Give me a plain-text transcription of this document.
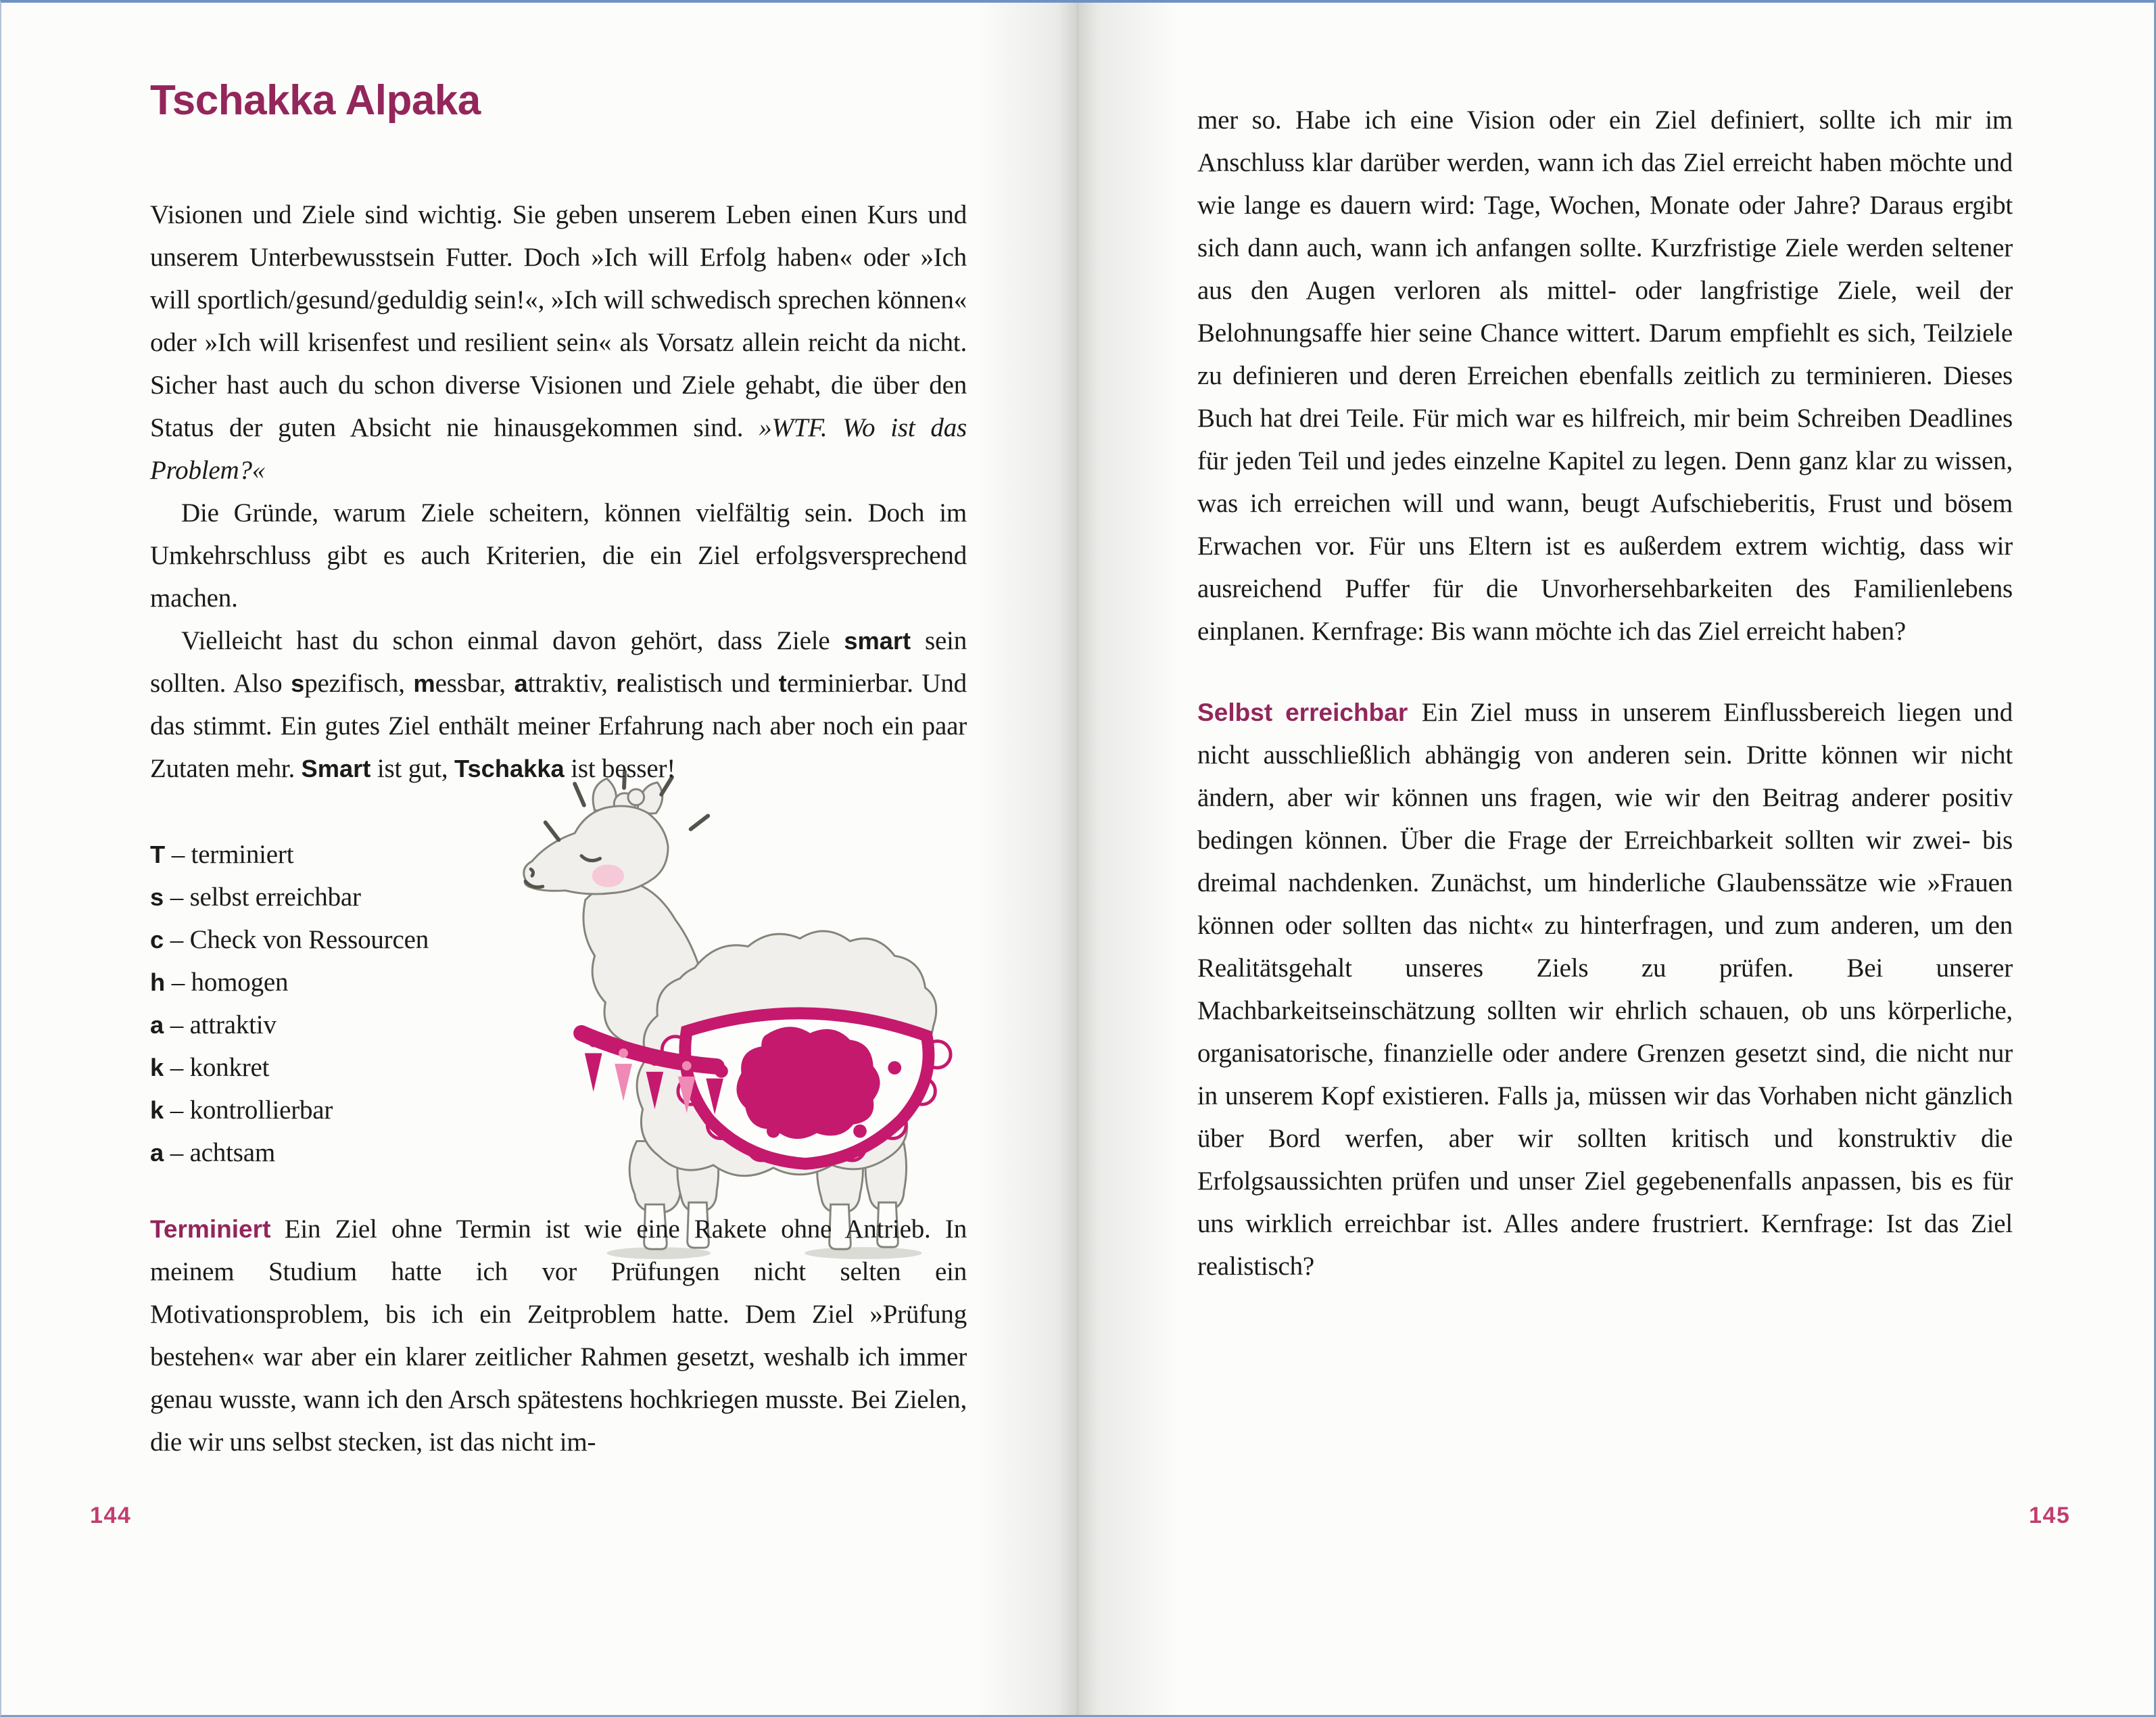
Tschakka Alpaka

Visionen und Ziele sind wichtig. Sie geben unserem Leben einen Kurs und unserem Unterbewusstsein Futter. Doch »Ich will Erfolg haben« oder »Ich will sportlich/gesund/geduldig sein!«, »Ich will schwedisch sprechen können« oder »Ich will krisenfest und resilient sein« als Vorsatz allein reicht da nicht. Sicher hast auch du schon diverse Visionen und Ziele gehabt, die über den Status der guten Absicht nie hinausgekommen sind. »WTF. Wo ist das Problem?«

Die Gründe, warum Ziele scheitern, können vielfältig sein. Doch im Umkehrschluss gibt es auch Kriterien, die ein Ziel erfolgsversprechend machen.

Vielleicht hast du schon einmal davon gehört, dass Ziele smart sein sollten. Also spezifisch, messbar, attraktiv, realistisch und terminierbar. Und das stimmt. Ein gutes Ziel enthält meiner Erfahrung nach aber noch ein paar Zutaten mehr. Smart ist gut, Tschakka ist besser!

T – terminiert
s – selbst erreichbar
c – Check von Ressourcen
h – homogen
a – attraktiv
k – konkret
k – kontrollierbar
a – achtsam

Terminiert Ein Ziel ohne Termin ist wie eine Rakete ohne Antrieb. In meinem Studium hatte ich vor Prüfungen nicht selten ein Motivationsproblem, bis ich ein Zeitproblem hatte. Dem Ziel »Prüfung bestehen« war aber ein klarer zeitlicher Rahmen gesetzt, weshalb ich immer genau wusste, wann ich den Arsch spätestens hochkriegen musste. Bei Zielen, die wir uns selbst stecken, ist das nicht im-

144

mer so. Habe ich eine Vision oder ein Ziel definiert, sollte ich mir im Anschluss klar darüber werden, wann ich das Ziel erreicht haben möchte und wie lange es dauern wird: Tage, Wochen, Monate oder Jahre? Daraus ergibt sich dann auch, wann ich anfangen sollte. Kurzfristige Ziele werden seltener aus den Augen verloren als mittel- oder langfristige Ziele, weil der Belohnungsaffe hier seine Chance wittert. Darum empfiehlt es sich, Teilziele zu definieren und deren Erreichen ebenfalls zeitlich zu terminieren. Dieses Buch hat drei Teile. Für mich war es hilfreich, mir beim Schreiben Deadlines für jeden Teil und jedes einzelne Kapitel zu legen. Denn ganz klar zu wissen, was ich erreichen will und wann, beugt Aufschieberitis, Frust und bösem Erwachen vor. Für uns Eltern ist es außerdem extrem wichtig, dass wir ausreichend Puffer für die Unvorhersehbarkeiten des Familienlebens einplanen. Kernfrage: Bis wann möchte ich das Ziel erreicht haben?

Selbst erreichbar Ein Ziel muss in unserem Einflussbereich liegen und nicht ausschließlich abhängig von anderen sein. Dritte können wir nicht ändern, aber wir können uns fragen, wie wir den Beitrag anderer positiv bedingen können. Über die Frage der Erreichbarkeit sollten wir zwei- bis dreimal nachdenken. Zunächst, um hinderliche Glaubenssätze wie »Frauen können oder sollten das nicht« zu hinterfragen, und zum anderen, um den Realitätsgehalt unseres Ziels zu prüfen. Bei unserer Machbarkeitseinschätzung sollten wir ehrlich schauen, ob uns körperliche, organisatorische, finanzielle oder andere Grenzen gesetzt sind, die nicht nur in unserem Kopf existieren. Falls ja, müssen wir das Vorhaben nicht gänzlich über Bord werfen, aber wir sollten kritisch und konstruktiv die Erfolgsaussichten prüfen und unser Ziel gegebenenfalls anpassen, bis es für uns wirklich erreichbar ist. Alles andere frustriert. Kernfrage: Ist das Ziel realistisch?

145
